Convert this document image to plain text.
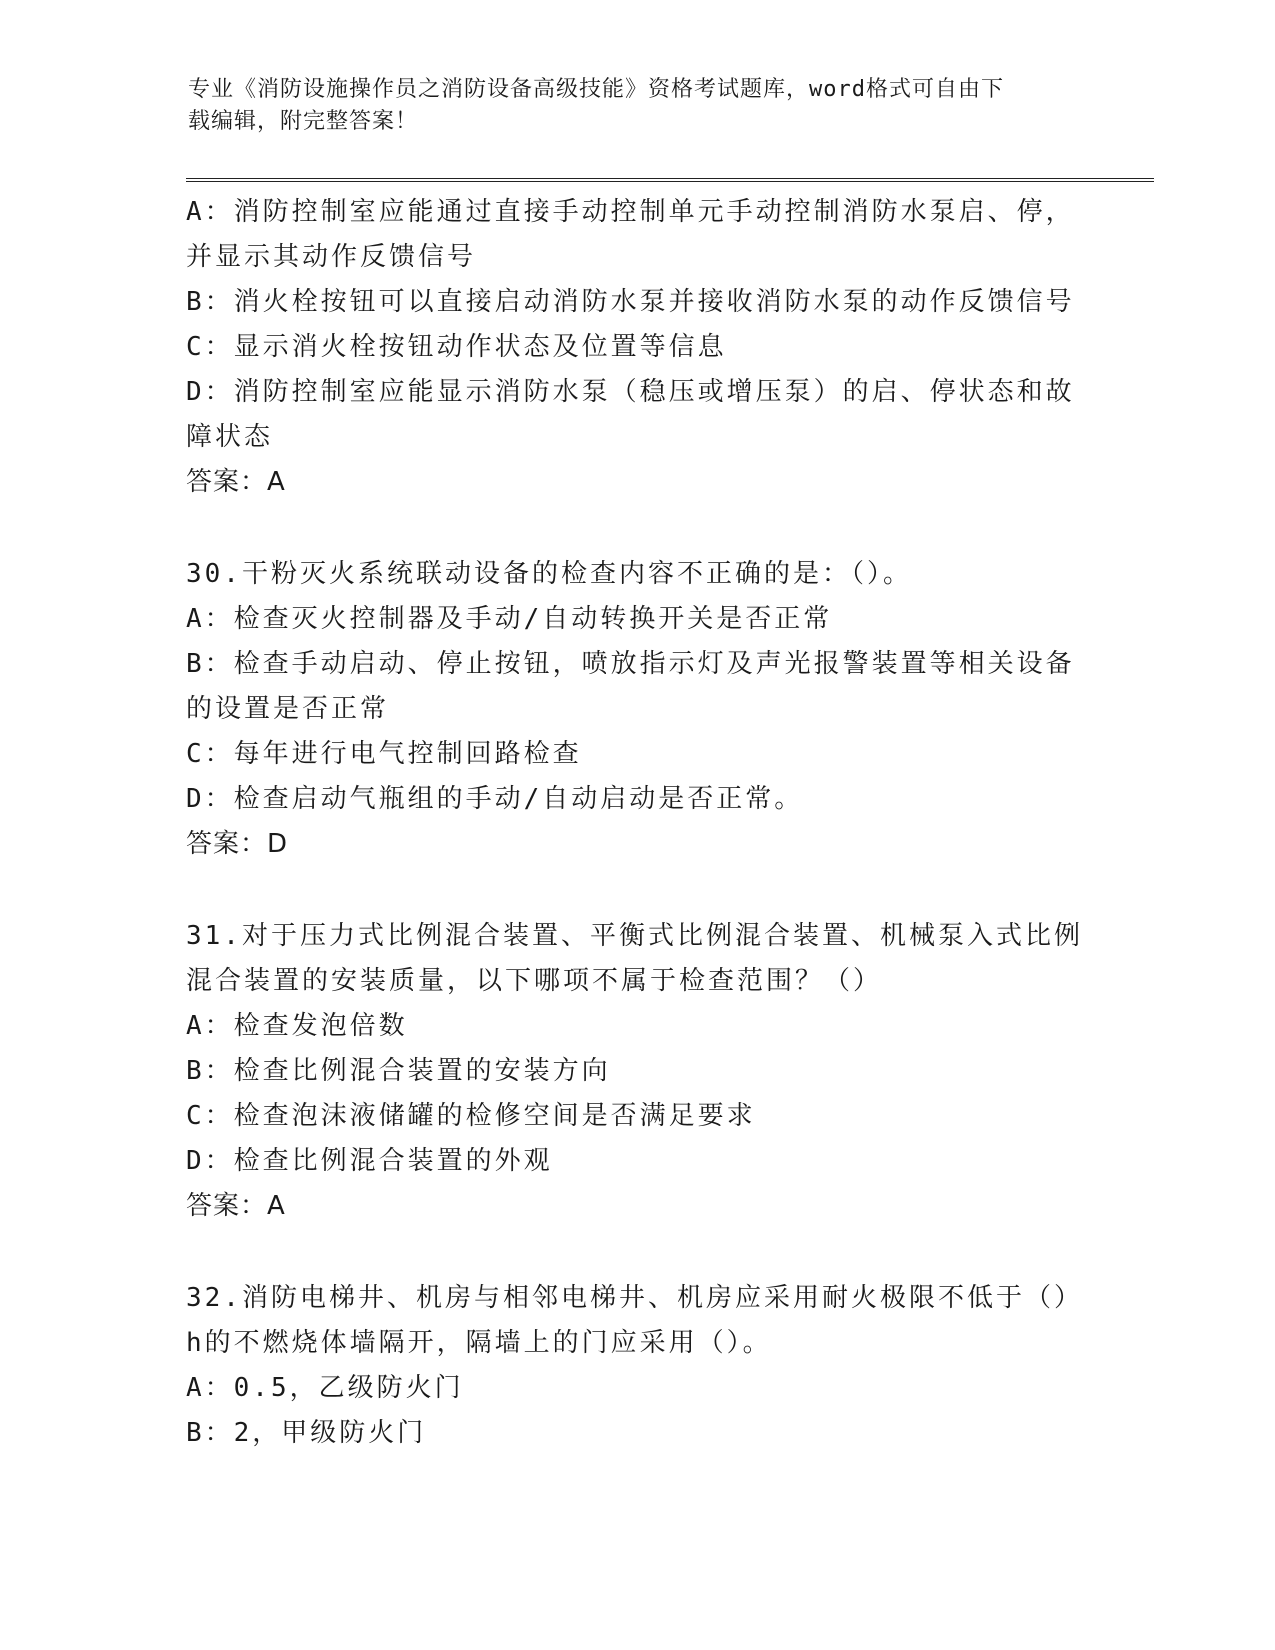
专业《消防设施操作员之消防设备高级技能》资格考试题库，word格式可自由下
载编辑，附完整答案！
A：消防控制室应能通过直接手动控制单元手动控制消防水泵启、停，
并显示其动作反馈信号
B：消火栓按钮可以直接启动消防水泵并接收消防水泵的动作反馈信号
C：显示消火栓按钮动作状态及位置等信息
D：消防控制室应能显示消防水泵（稳压或增压泵）的启、停状态和故
障状态
答案：A
30.干粉灭火系统联动设备的检查内容不正确的是：（）。
A：检查灭火控制器及手动/自动转换开关是否正常
B：检查手动启动、停止按钮，喷放指示灯及声光报警装置等相关设备
的设置是否正常
C：每年进行电气控制回路检查
D：检查启动气瓶组的手动/自动启动是否正常。
答案：D
31.对于压力式比例混合装置、平衡式比例混合装置、机械泵入式比例
混合装置的安装质量，以下哪项不属于检查范围？（）
A：检查发泡倍数
B：检查比例混合装置的安装方向
C：检查泡沫液储罐的检修空间是否满足要求
D：检查比例混合装置的外观
答案：A
32.消防电梯井、机房与相邻电梯井、机房应采用耐火极限不低于（）
h的不燃烧体墙隔开，隔墙上的门应采用（）。
A：0.5，乙级防火门
B：2，甲级防火门
